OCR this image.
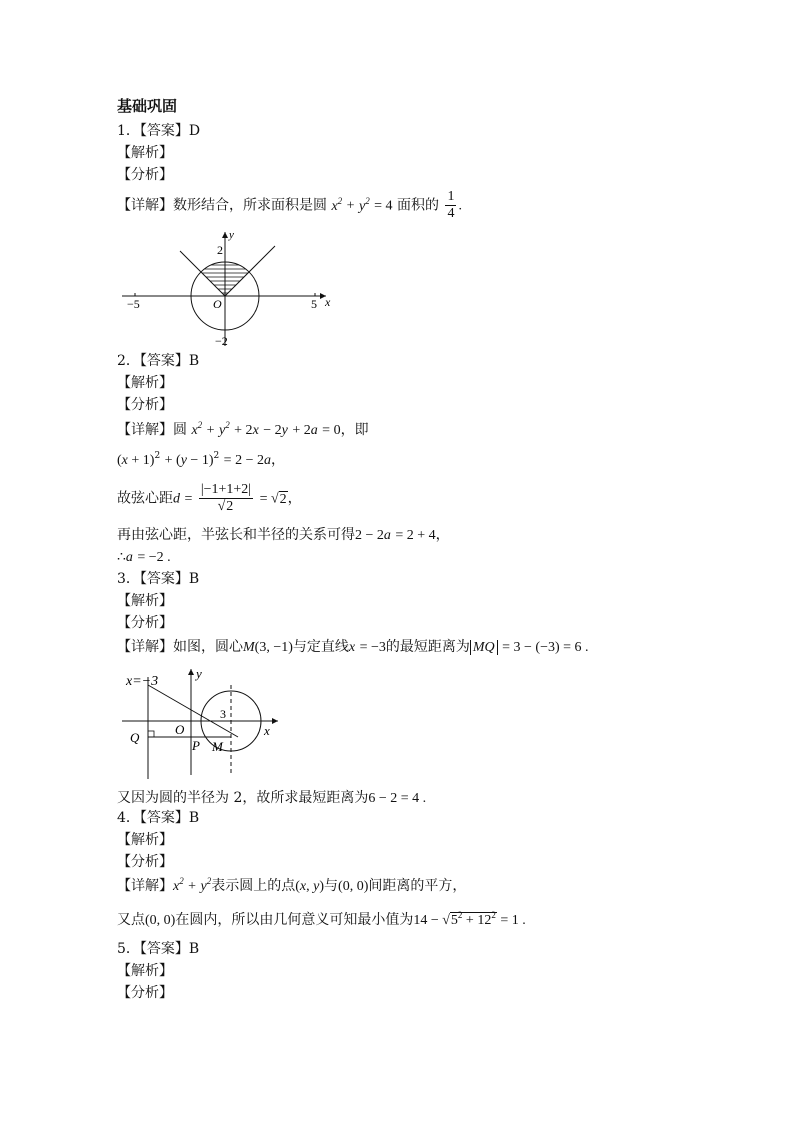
基础巩固
1．【答案】D
【解析】
【分析】
【详解】数形结合，所求面积是圆 $x^2 + y^2 = 4$ 面积的 $\frac{1}{4}$ .
y
x
2
−2
−5	5
O
2．【答案】B
【解析】
【分析】
【详解】圆 $x^2 + y^2 + 2x - 2y + 2a = 0$，即
$(x + 1)^2 + (y - 1)^2 = 2 - 2a$，
故弦心距$d = \frac{|-1+1+2|}{√2} = √2$，
再由弦心距，半弦长和半径的关系可得2 − 2a = 2 + 4，
∴a = −2 .
3．【答案】B
【解析】
【分析】
【详解】如图，圆心M(3, −1)与定直线x = −3的最短距离为 MQ = 3 − (−3) = 6 .
x=−3
y
x
O
Q
P M
3
又因为圆的半径为 2，故所求最短距离为6 − 2 = 4 .
4．【答案】B
【解析】
【分析】
【详解】$x^2 + y^2$表示圆上的点(x, y)与(0, 0)间距离的平方，
又点(0, 0)在圆内，所以由几何意义可知最小值为$14 - √5^2 + 12^2 = 1$ .
5．【答案】B
【解析】
【分析】
